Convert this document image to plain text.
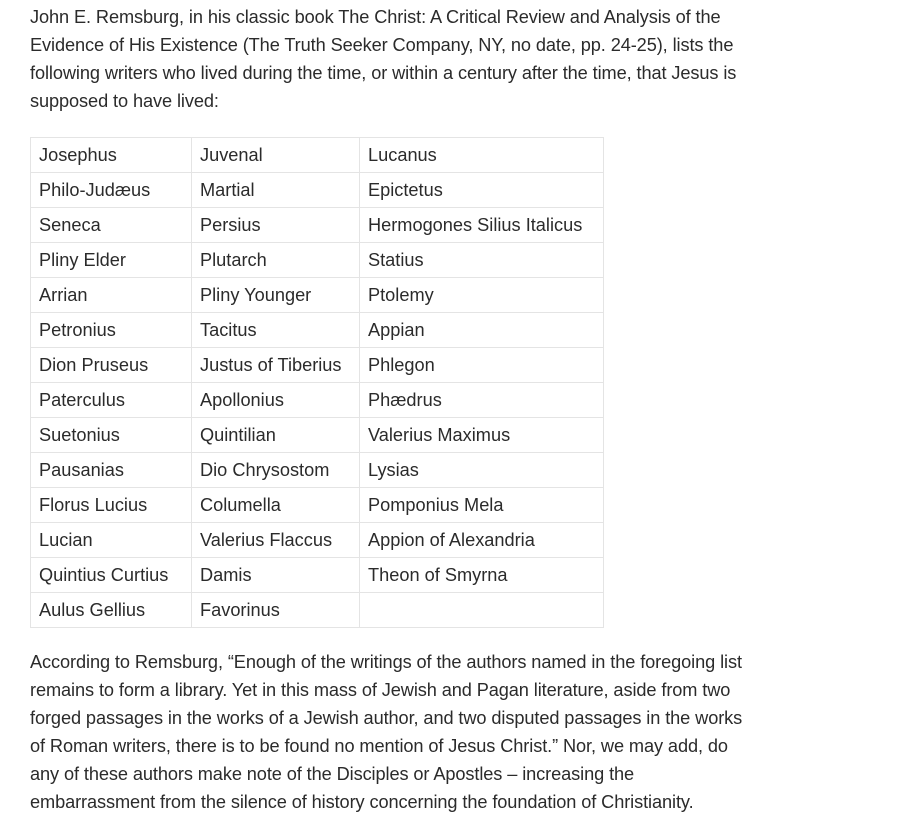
John E. Remsburg, in his classic book The Christ: A Critical Review and Analysis of the Evidence of His Existence (The Truth Seeker Company, NY, no date, pp. 24-25), lists the following writers who lived during the time, or within a century after the time, that Jesus is supposed to have lived:

Josephus	Juvenal	Lucanus
Philo-Judæus	Martial	Epictetus
Seneca	Persius	Hermogones Silius Italicus
Pliny Elder	Plutarch	Statius
Arrian	Pliny Younger	Ptolemy
Petronius	Tacitus	Appian
Dion Pruseus	Justus of Tiberius	Phlegon
Paterculus	Apollonius	Phædrus
Suetonius	Quintilian	Valerius Maximus
Pausanias	Dio Chrysostom	Lysias
Florus Lucius	Columella	Pomponius Mela
Lucian	Valerius Flaccus	Appion of Alexandria
Quintius Curtius	Damis	Theon of Smyrna
Aulus Gellius	Favorinus	

According to Remsburg, “Enough of the writings of the authors named in the foregoing list remains to form a library. Yet in this mass of Jewish and Pagan literature, aside from two forged passages in the works of a Jewish author, and two disputed passages in the works of Roman writers, there is to be found no mention of Jesus Christ.” Nor, we may add, do any of these authors make note of the Disciples or Apostles – increasing the embarrassment from the silence of history concerning the foundation of Christianity.
